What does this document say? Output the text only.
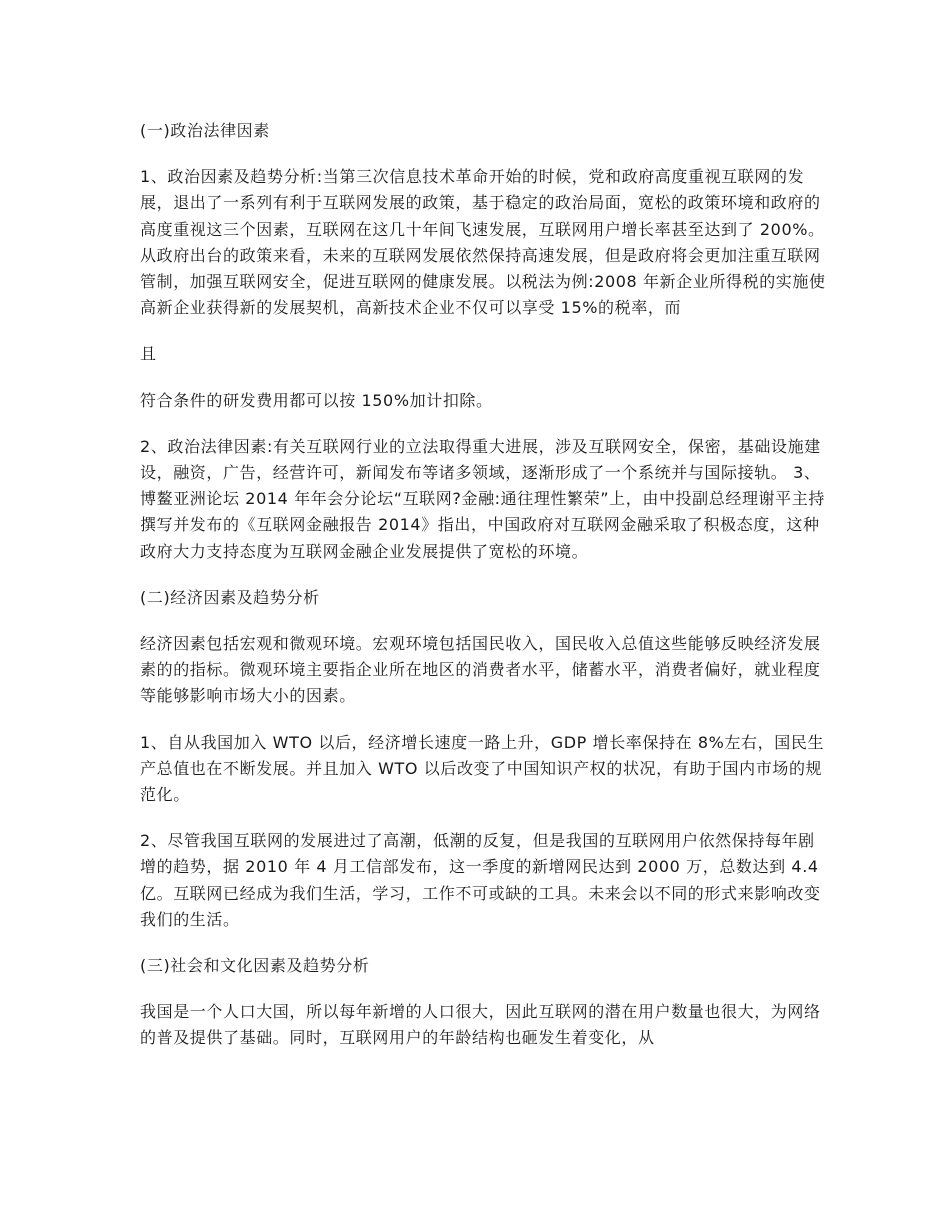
(一)政治法律因素

1、政治因素及趋势分析:当第三次信息技术革命开始的时候，党和政府高度重视互联网的发展，退出了一系列有利于互联网发展的政策，基于稳定的政治局面，宽松的政策环境和政府的高度重视这三个因素，互联网在这几十年间飞速发展，互联网用户增长率甚至达到了 200%。从政府出台的政策来看，未来的互联网发展依然保持高速发展，但是政府将会更加注重互联网管制，加强互联网安全，促进互联网的健康发展。以税法为例:2008 年新企业所得税的实施使高新企业获得新的发展契机，高新技术企业不仅可以享受 15%的税率，而

且

符合条件的研发费用都可以按 150%加计扣除。

2、政治法律因素:有关互联网行业的立法取得重大进展，涉及互联网安全，保密，基础设施建设，融资，广告，经营许可，新闻发布等诸多领域，逐渐形成了一个系统并与国际接轨。 3、博鳌亚洲论坛 2014 年年会分论坛“互联网?金融:通往理性繁荣”上，由中投副总经理谢平主持撰写并发布的《互联网金融报告 2014》指出，中国政府对互联网金融采取了积极态度，这种政府大力支持态度为互联网金融企业发展提供了宽松的环境。

(二)经济因素及趋势分析

经济因素包括宏观和微观环境。宏观环境包括国民收入，国民收入总值这些能够反映经济发展素的的指标。微观环境主要指企业所在地区的消费者水平，储蓄水平，消费者偏好，就业程度等能够影响市场大小的因素。

1、自从我国加入 WTO 以后，经济增长速度一路上升，GDP 增长率保持在 8%左右，国民生产总值也在不断发展。并且加入 WTO 以后改变了中国知识产权的状况，有助于国内市场的规范化。

2、尽管我国互联网的发展进过了高潮，低潮的反复，但是我国的互联网用户依然保持每年剧增的趋势，据 2010 年 4 月工信部发布，这一季度的新增网民达到 2000 万，总数达到 4.4 亿。互联网已经成为我们生活，学习，工作不可或缺的工具。未来会以不同的形式来影响改变我们的生活。

(三)社会和文化因素及趋势分析

我国是一个人口大国，所以每年新增的人口很大，因此互联网的潜在用户数量也很大，为网络的普及提供了基础。同时，互联网用户的年龄结构也砸发生着变化，从
